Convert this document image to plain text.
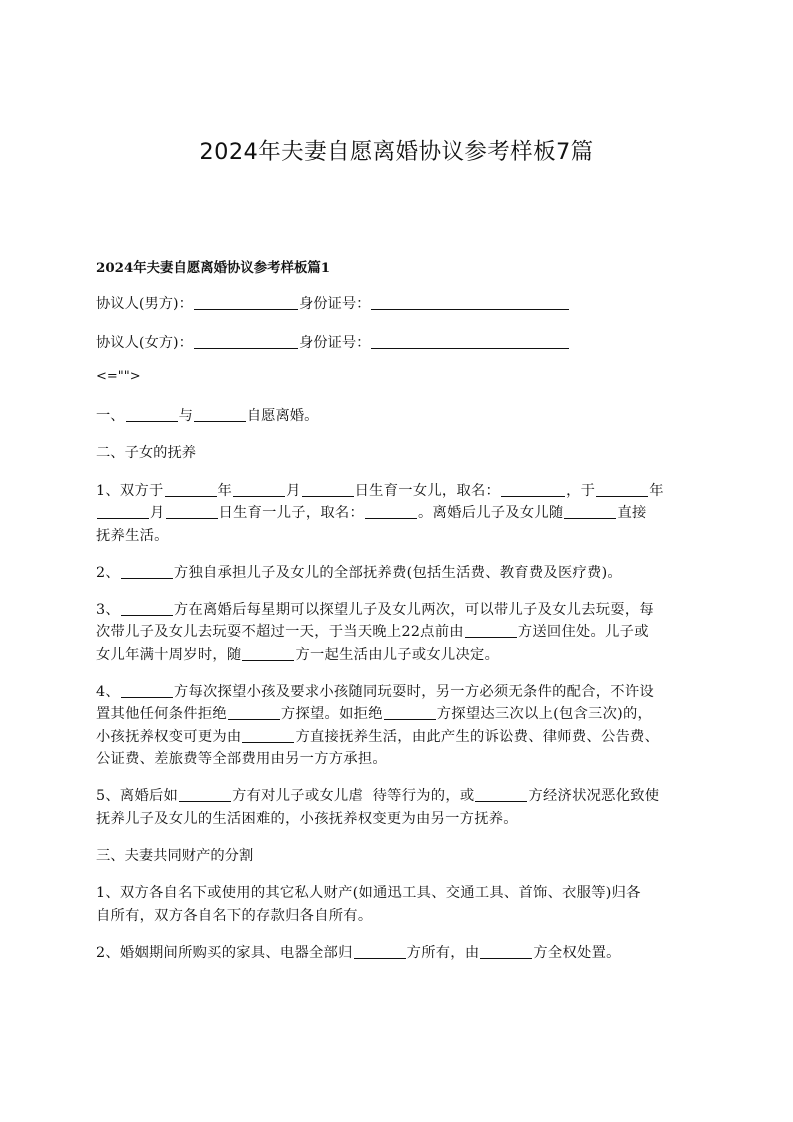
2024年夫妻自愿离婚协议参考样板7篇

2024年夫妻自愿离婚协议参考样板篇1

协议人(男方)：	身份证号：

协议人(女方)：	身份证号：

<="">

一、	与	自愿离婚。

二、子女的抚养

1、双方于	年	月	日生育一女儿，取名：	，于	年
月	日生育一儿子，取名：	。离婚后儿子及女儿随	直接
抚养生活。
2、	方独自承担儿子及女儿的全部抚养费(包括生活费、教育费及医疗费)。
3、	方在离婚后每星期可以探望儿子及女儿两次，可以带儿子及女儿去玩耍，每
次带儿子及女儿去玩耍不超过一天，于当天晚上22点前由	方送回住处。儿子或
女儿年满十周岁时，随	方一起生活由儿子或女儿决定。
4、	方每次探望小孩及要求小孩随同玩耍时，另一方必须无条件的配合，不许设
置其他任何条件拒绝	方探望。如拒绝	方探望达三次以上(包含三次)的，
小孩抚养权变可更为由	方直接抚养生活，由此产生的诉讼费、律师费、公告费、
公证费、差旅费等全部费用由另一方方承担。
5、离婚后如	方有对儿子或女儿虐  待等行为的，或	方经济状况恶化致使
抚养儿子及女儿的生活困难的，小孩抚养权变更为由另一方抚养。

三、夫妻共同财产的分割

1、双方各自名下或使用的其它私人财产(如通迅工具、交通工具、首饰、衣服等)归各
自所有，双方各自名下的存款归各自所有。
2、婚姻期间所购买的家具、电器全部归	方所有，由	方全权处置。
